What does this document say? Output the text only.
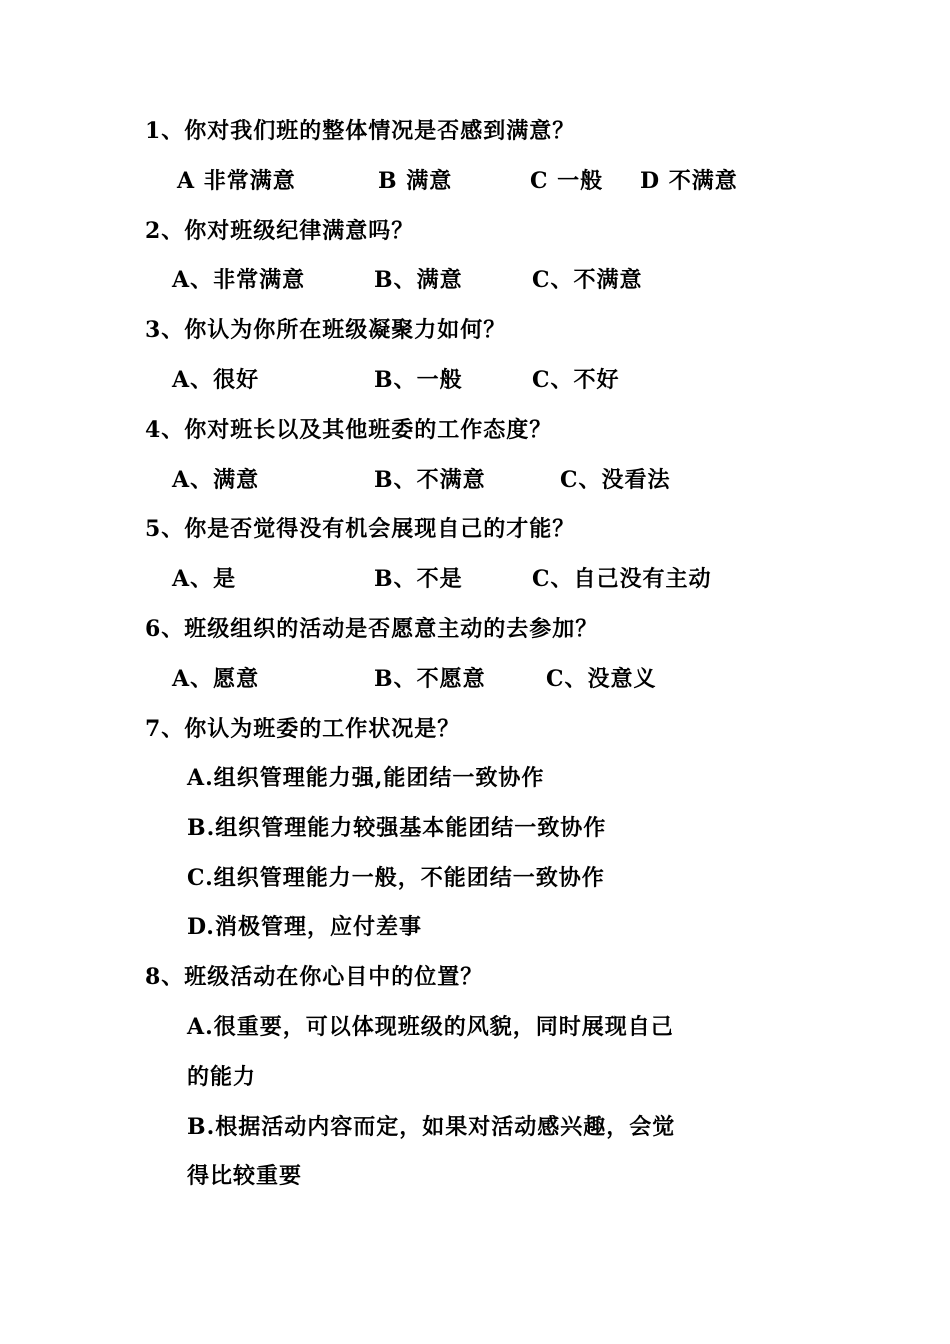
1、你对我们班的整体情况是否感到满意？
A 非常满意	B 满意	C 一般 D 不满意
2、你对班级纪律满意吗？
A、非常满意	B、满意	C、不满意
3、你认为你所在班级凝聚力如何？
A、很好	B、一般	C、不好
4、你对班长以及其他班委的工作态度？
A、满意	B、不满意	C、没看法
5、你是否觉得没有机会展现自己的才能？
A、是	B、不是	C、自己没有主动
6、班级组织的活动是否愿意主动的去参加？
A、愿意	B、不愿意	C、没意义
7、你认为班委的工作状况是？
A.组织管理能力强,能团结一致协作
B.组织管理能力较强基本能团结一致协作
C.组织管理能力一般，不能团结一致协作
D.消极管理，应付差事
8、班级活动在你心目中的位置？
A.很重要，可以体现班级的风貌，同时展现自己
的能力
B.根据活动内容而定，如果对活动感兴趣，会觉
得比较重要
